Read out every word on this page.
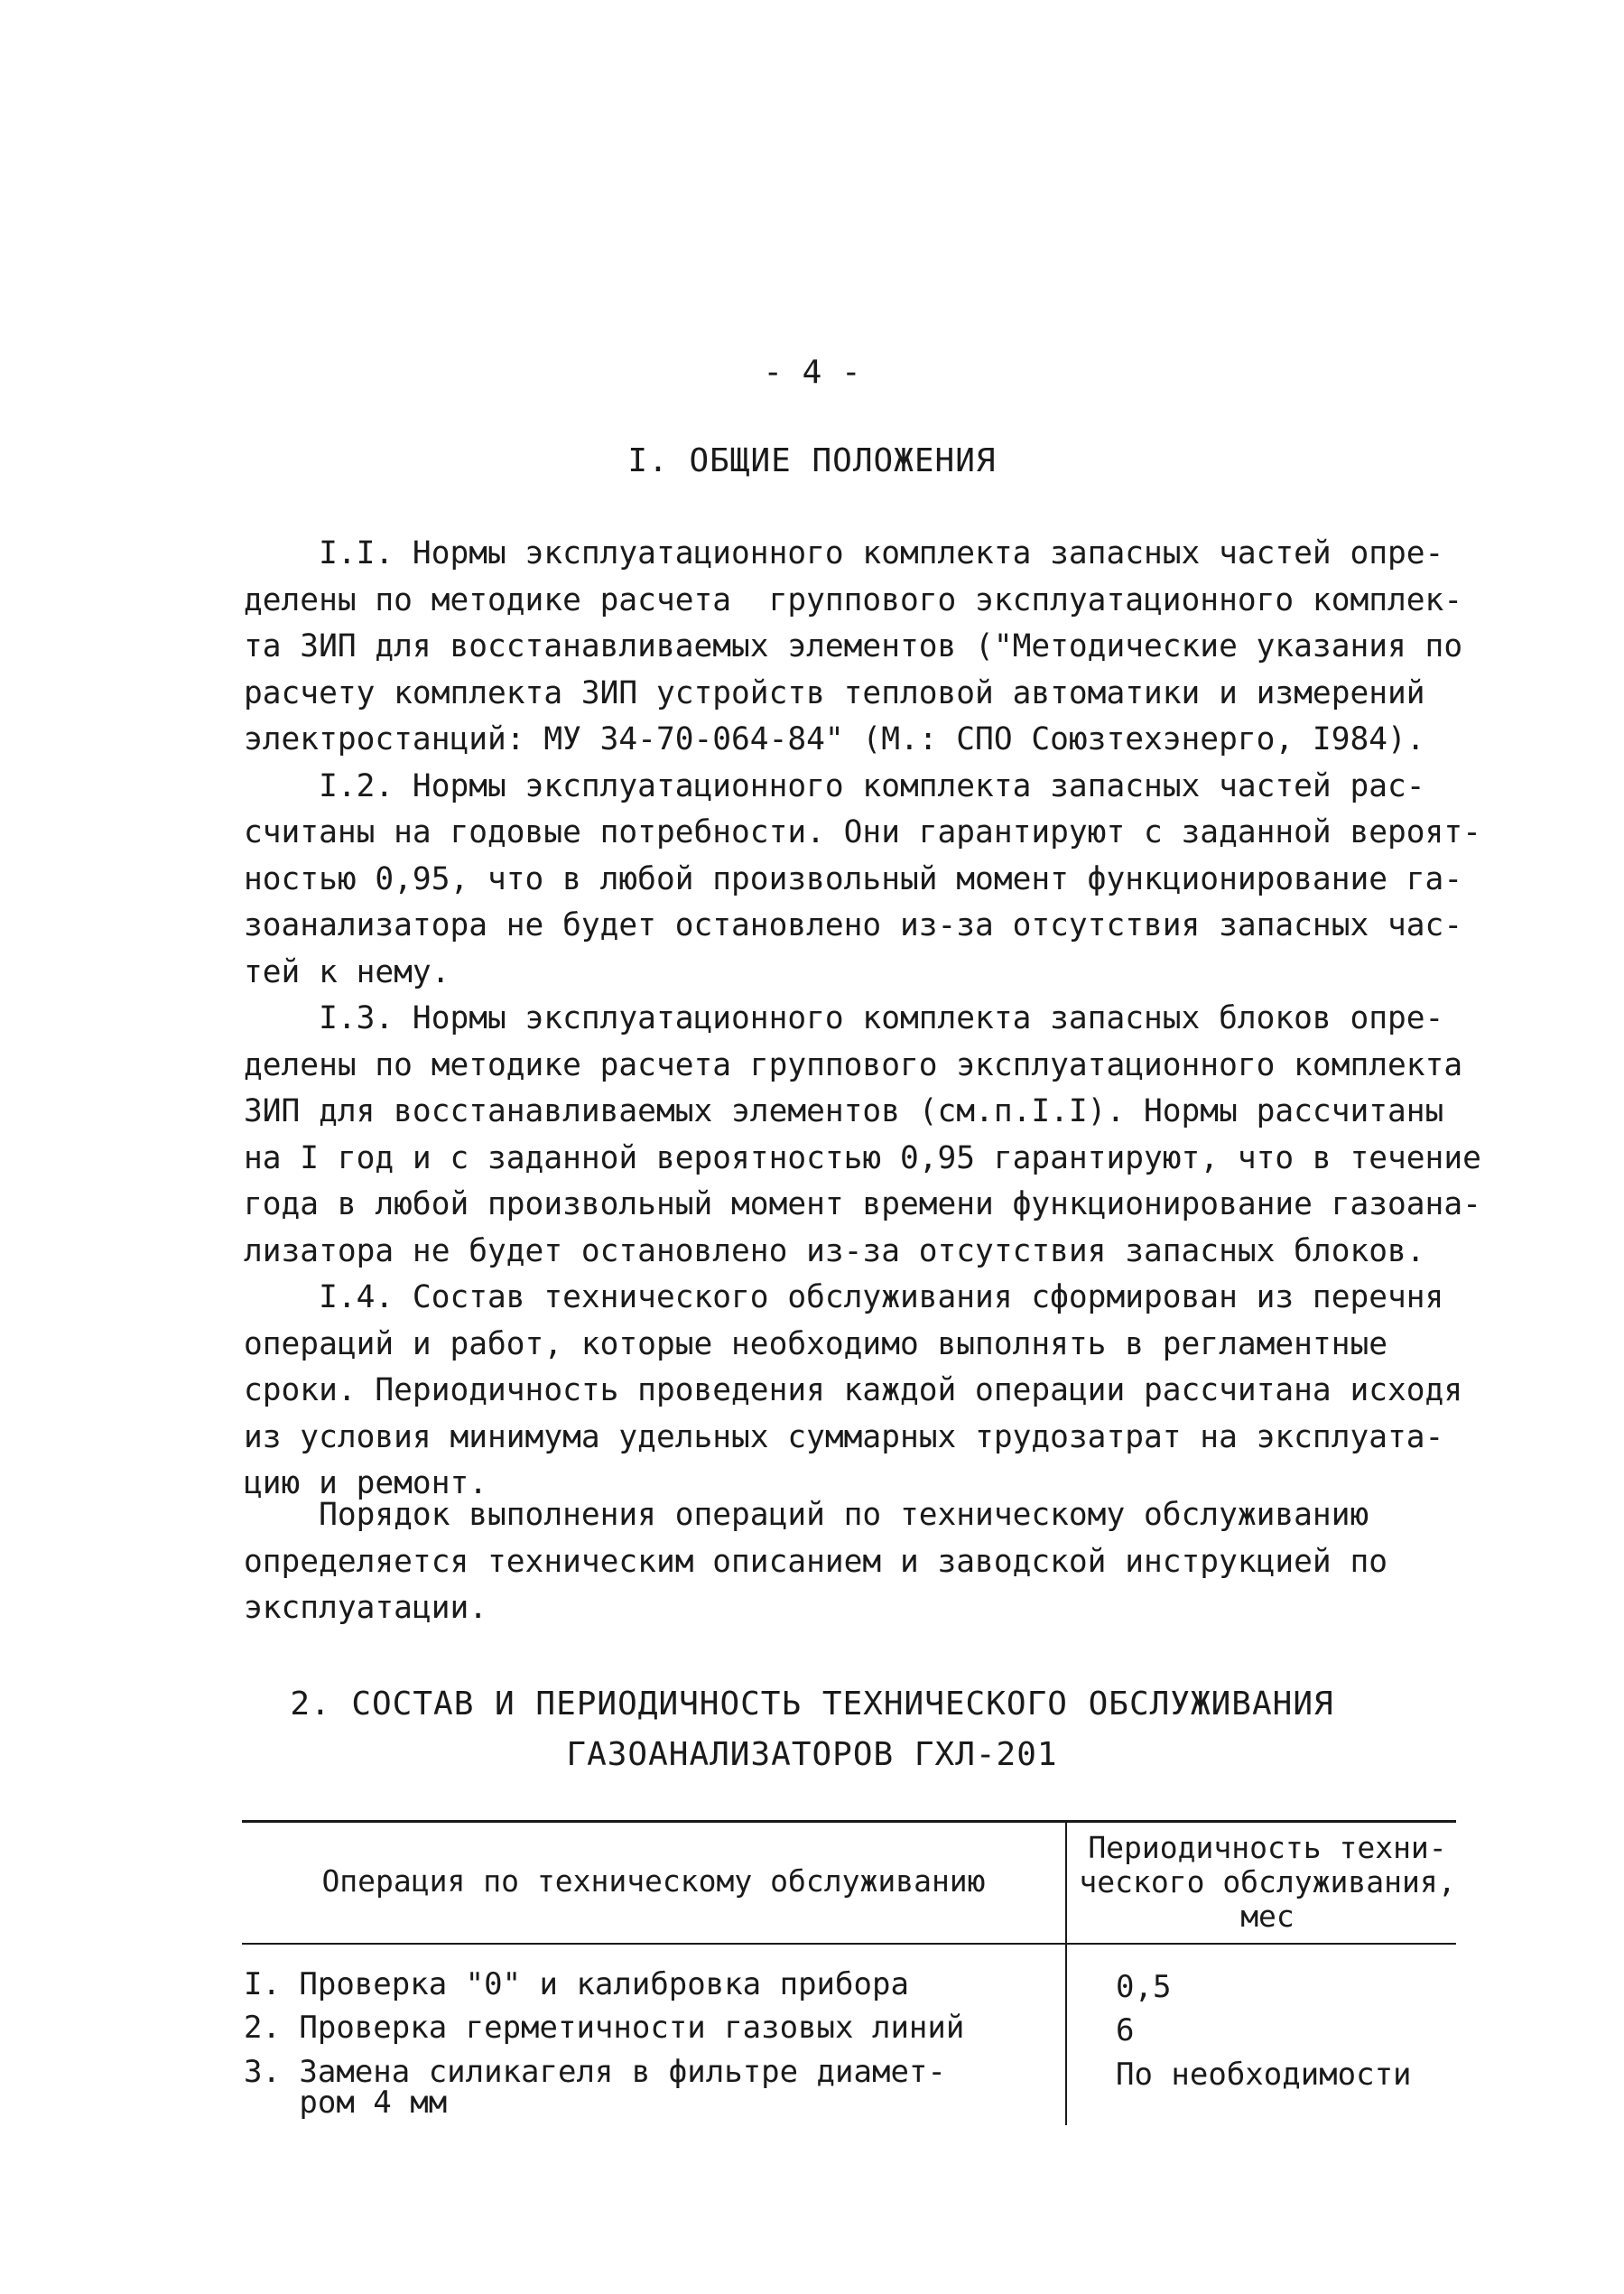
- 4 -
I. ОБЩИЕ ПОЛОЖЕНИЯ

I.I. Нормы эксплуатационного комплекта запасных частей опре-
делены по методике расчета  группового эксплуатационного комплек-
та ЗИП для восстанавливаемых элементов ("Методические указания по
расчету комплекта ЗИП устройств тепловой автоматики и измерений
электростанций: МУ 34-70-064-84" (М.: СПО Союзтехэнерго, I984).
I.2. Нормы эксплуатационного комплекта запасных частей рас-
считаны на годовые потребности. Они гарантируют с заданной вероят-
ностью 0,95, что в любой произвольный момент функционирование га-
зоанализатора не будет остановлено из-за отсутствия запасных час-
тей к нему.
I.3. Нормы эксплуатационного комплекта запасных блоков опре-
делены по методике расчета группового эксплуатационного комплекта
ЗИП для восстанавливаемых элементов (см.п.I.I). Нормы рассчитаны
на I год и с заданной вероятностью 0,95 гарантируют, что в течение
года в любой произвольный момент времени функционирование газоана-
лизатора не будет остановлено из-за отсутствия запасных блоков.
I.4. Состав технического обслуживания сформирован из перечня
операций и работ, которые необходимо выполнять в регламентные
сроки. Периодичность проведения каждой операции рассчитана исходя
из условия минимума удельных суммарных трудозатрат на эксплуата-
цию и ремонт.

Порядок выполнения операций по техническому обслуживанию
определяется техническим описанием и заводской инструкцией по
эксплуатации.

2. СОСТАВ И ПЕРИОДИЧНОСТЬ ТЕХНИЧЕСКОГО ОБСЛУЖИВАНИЯ
ГАЗОАНАЛИЗАТОРОВ ГХЛ-201
Операция по техническому обслуживанию
Периодичность техни-
ческого обслуживания,
мес
I. Проверка "0" и калибровка прибора	0,5
2. Проверка герметичности газовых линий	6
3. Замена силикагеля в фильтре диамет-
ром 4 мм
По необходимости
